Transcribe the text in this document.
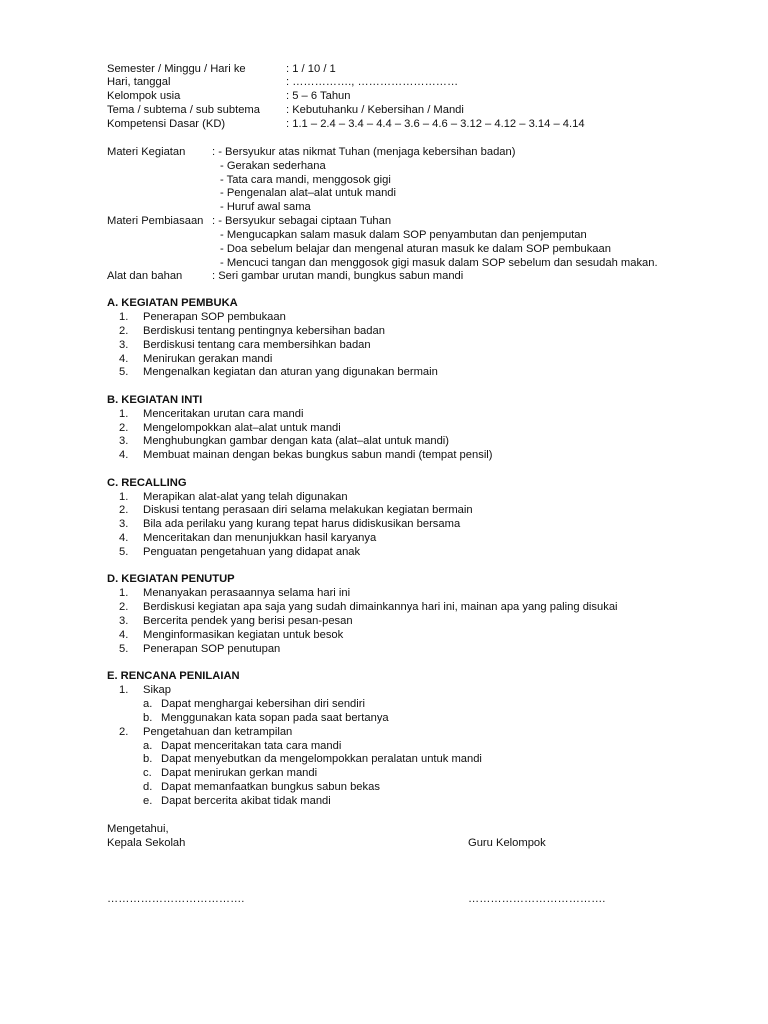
Semester / Minggu / Hari ke	: 1 / 10 / 1
Hari, tanggal	: ……………., ………………………
Kelompok usia	: 5 – 6 Tahun
Tema / subtema / sub subtema : Kebutuhanku / Kebersihan / Mandi
Kompetensi Dasar (KD)	: 1.1 – 2.4 – 3.4 – 4.4 – 3.6 – 4.6 – 3.12 – 4.12 – 3.14 – 4.14
Materi Kegiatan : - Bersyukur atas nikmat Tuhan (menjaga kebersihan badan)
- Gerakan sederhana
- Tata cara mandi, menggosok gigi
- Pengenalan alat–alat untuk mandi
- Huruf awal sama
Materi Pembiasaan : - Bersyukur sebagai ciptaan Tuhan
- Mengucapkan salam masuk dalam SOP penyambutan dan penjemputan
- Doa sebelum belajar dan mengenal aturan masuk ke dalam SOP pembukaan
- Mencuci tangan dan menggosok gigi masuk dalam SOP sebelum dan sesudah makan.
Alat dan bahan	: Seri gambar urutan mandi, bungkus sabun mandi
A. KEGIATAN PEMBUKA
1. Penerapan SOP pembukaan
2. Berdiskusi tentang pentingnya kebersihan badan
3. Berdiskusi tentang cara membersihkan badan
4. Menirukan gerakan mandi
5. Mengenalkan kegiatan dan aturan yang digunakan bermain
B. KEGIATAN INTI
1. Menceritakan urutan cara mandi
2. Mengelompokkan alat–alat untuk mandi
3. Menghubungkan gambar dengan kata (alat–alat untuk mandi)
4. Membuat mainan dengan bekas bungkus sabun mandi (tempat pensil)
C. RECALLING
1. Merapikan alat-alat yang telah digunakan
2. Diskusi tentang perasaan diri selama melakukan kegiatan bermain
3. Bila ada perilaku yang kurang tepat harus didiskusikan bersama
4. Menceritakan dan menunjukkan hasil karyanya
5. Penguatan pengetahuan yang didapat anak
D. KEGIATAN PENUTUP
1. Menanyakan perasaannya selama hari ini
2. Berdiskusi kegiatan apa saja yang sudah dimainkannya hari ini, mainan apa yang paling disukai
3. Bercerita pendek yang berisi pesan-pesan
4. Menginformasikan kegiatan untuk besok
5. Penerapan SOP penutupan
E. RENCANA PENILAIAN
1. Sikap
a. Dapat menghargai kebersihan diri sendiri
b. Menggunakan kata sopan pada saat bertanya
2. Pengetahuan dan ketrampilan
a. Dapat menceritakan tata cara mandi
b. Dapat menyebutkan da mengelompokkan peralatan untuk mandi
c. Dapat menirukan gerkan mandi
d. Dapat memanfaatkan bungkus sabun bekas
e. Dapat bercerita akibat tidak mandi
Mengetahui,
Kepala Sekolah	Guru Kelompok
……………………………….	……………………………….
